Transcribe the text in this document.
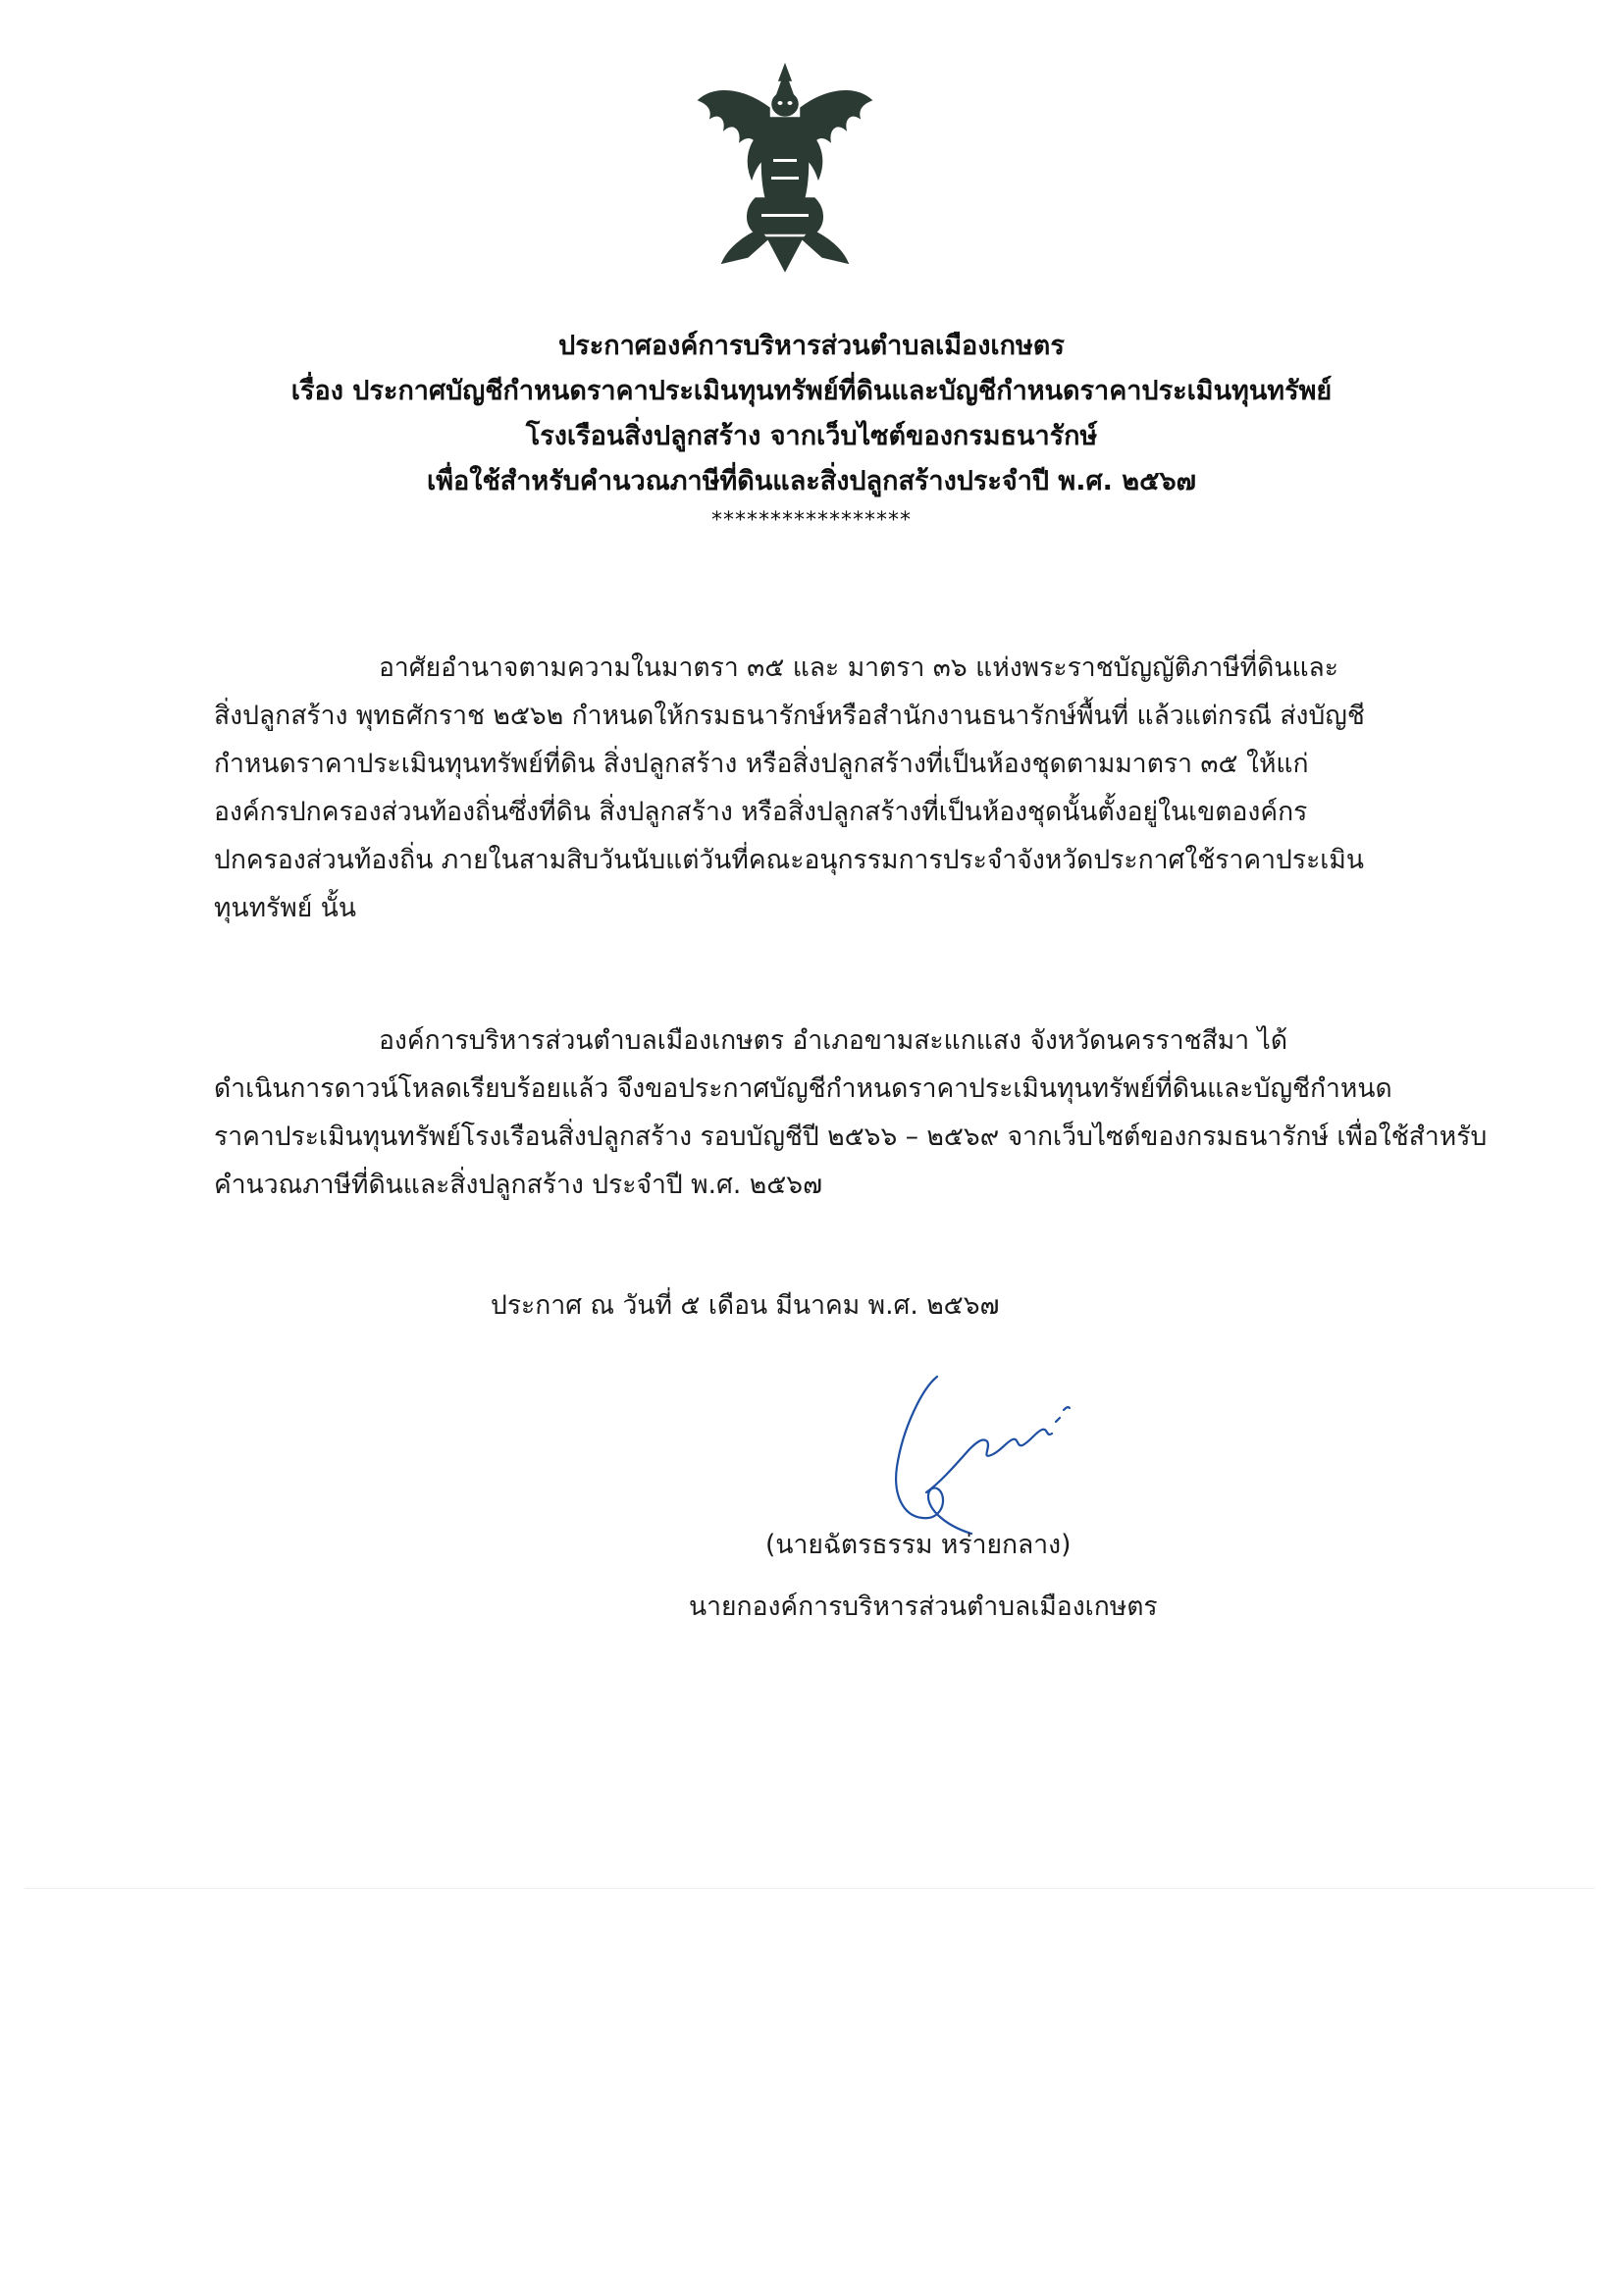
ประกาศองค์การบริหารส่วนตำบลเมืองเกษตร
เรื่อง ประกาศบัญชีกำหนดราคาประเมินทุนทรัพย์ที่ดินและบัญชีกำหนดราคาประเมินทุนทรัพย์
โรงเรือนสิ่งปลูกสร้าง จากเว็บไซต์ของกรมธนารักษ์
เพื่อใช้สำหรับคำนวณภาษีที่ดินและสิ่งปลูกสร้างประจำปี พ.ศ. ๒๕๖๗
*****************
อาศัยอำนาจตามความในมาตรา ๓๕ และ มาตรา ๓๖ แห่งพระราชบัญญัติภาษีที่ดินและ
สิ่งปลูกสร้าง พุทธศักราช ๒๕๖๒ กำหนดให้กรมธนารักษ์หรือสำนักงานธนารักษ์พื้นที่ แล้วแต่กรณี ส่งบัญชี
กำหนดราคาประเมินทุนทรัพย์ที่ดิน สิ่งปลูกสร้าง หรือสิ่งปลูกสร้างที่เป็นห้องชุดตามมาตรา ๓๕ ให้แก่
องค์กรปกครองส่วนท้องถิ่นซึ่งที่ดิน สิ่งปลูกสร้าง หรือสิ่งปลูกสร้างที่เป็นห้องชุดนั้นตั้งอยู่ในเขตองค์กร
ปกครองส่วนท้องถิ่น ภายในสามสิบวันนับแต่วันที่คณะอนุกรรมการประจำจังหวัดประกาศใช้ราคาประเมิน
ทุนทรัพย์ นั้น
องค์การบริหารส่วนตำบลเมืองเกษตร อำเภอขามสะแกแสง จังหวัดนครราชสีมา ได้
ดำเนินการดาวน์โหลดเรียบร้อยแล้ว จึงขอประกาศบัญชีกำหนดราคาประเมินทุนทรัพย์ที่ดินและบัญชีกำหนด
ราคาประเมินทุนทรัพย์โรงเรือนสิ่งปลูกสร้าง รอบบัญชีปี ๒๕๖๖ – ๒๕๖๙ จากเว็บไซต์ของกรมธนารักษ์ เพื่อใช้สำหรับ
คำนวณภาษีที่ดินและสิ่งปลูกสร้าง ประจำปี พ.ศ. ๒๕๖๗
ประกาศ ณ วันที่ ๕ เดือน มีนาคม พ.ศ. ๒๕๖๗
(นายฉัตรธรรม หร่ายกลาง)
นายกองค์การบริหารส่วนตำบลเมืองเกษตร
